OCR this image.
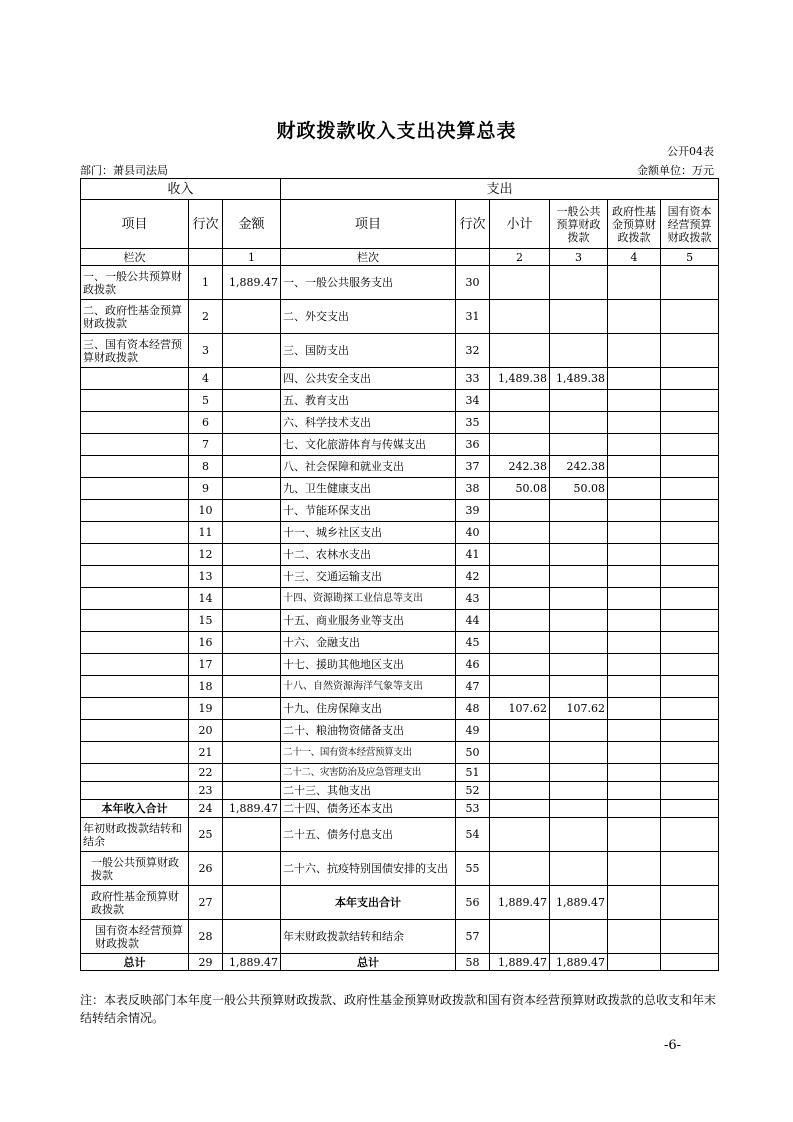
财政拨款收入支出决算总表
公开04表
部门：萧县司法局	金额单位：万元
收入			支出					
项目	行次	金额	项目	行次	小计	一般公共预算财政拨款	政府性基金预算财政拨款	国有资本经营预算财政拨款
栏次		1	栏次		2	3	4	5
一、一般公共预算财政拨款	1	1,889.47	一、一般公共服务支出	30				
二、政府性基金预算财政拨款	2		二、外交支出	31				
三、国有资本经营预算财政拨款	3		三、国防支出	32				
	4		四、公共安全支出	33	1,489.38	1,489.38		
	5		五、教育支出	34				
	6		六、科学技术支出	35				
	7		七、文化旅游体育与传媒支出	36				
	8		八、社会保障和就业支出	37	242.38	242.38		
	9		九、卫生健康支出	38	50.08	50.08		
	10		十、节能环保支出	39				
	11		十一、城乡社区支出	40				
	12		十二、农林水支出	41				
	13		十三、交通运输支出	42				
	14		十四、资源勘探工业信息等支出	43				
	15		十五、商业服务业等支出	44				
	16		十六、金融支出	45				
	17		十七、援助其他地区支出	46				
	18		十八、自然资源海洋气象等支出	47				
	19		十九、住房保障支出	48	107.62	107.62		
	20		二十、粮油物资储备支出	49				
	21		二十一、国有资本经营预算支出	50				
	22		二十二、灾害防治及应急管理支出	51				
	23		二十三、其他支出	52				
本年收入合计	24	1,889.47	二十四、债务还本支出	53				
年初财政拨款结转和结余	25		二十五、债务付息支出	54				
一般公共预算财政拨款	26		二十六、抗疫特别国债安排的支出	55				
政府性基金预算财政拨款	27		本年支出合计	56	1,889.47	1,889.47		
国有资本经营预算财政拨款	28		年末财政拨款结转和结余	57				
总计	29	1,889.47	总计	58	1,889.47	1,889.47		
注：本表反映部门本年度一般公共预算财政拨款、政府性基金预算财政拨款和国有资本经营预算财政拨款的总收支和年末结转结余情况。
-6-
